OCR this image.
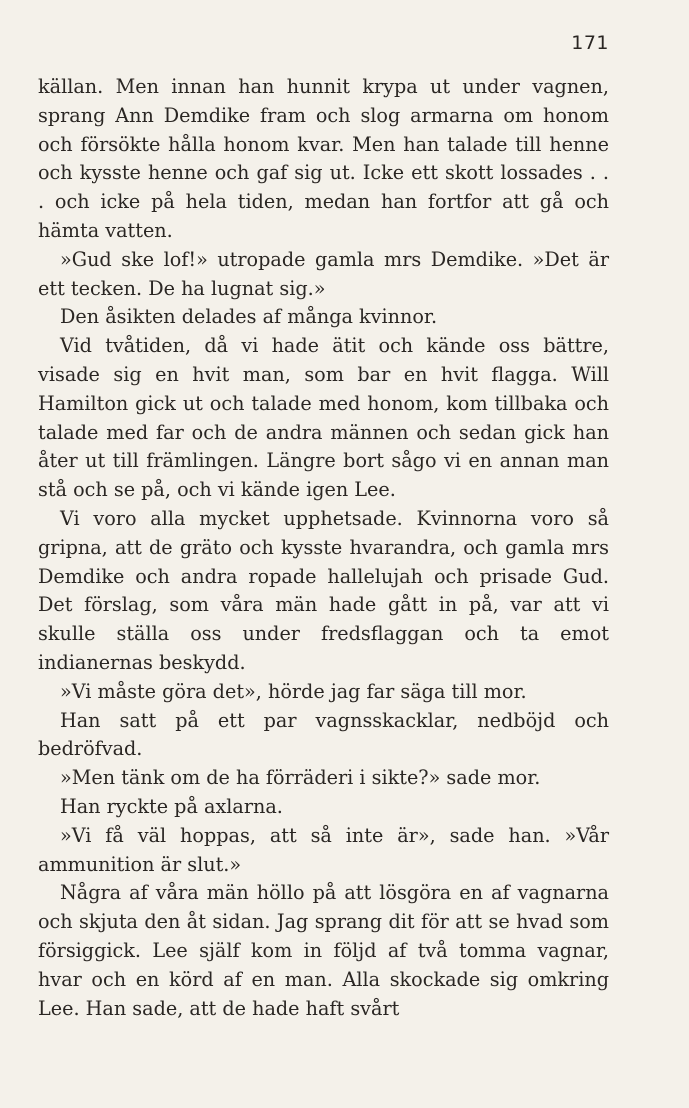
171

källan. Men innan han hunnit krypa ut under vagnen, sprang Ann Demdike fram och slog armarna om honom och försökte hålla honom kvar. Men han talade till henne och kysste henne och gaf sig ut. Icke ett skott lossades . . . och icke på hela tiden, medan han fortfor att gå och hämta vatten.

»Gud ske lof!» utropade gamla mrs Demdike. »Det är ett tecken. De ha lugnat sig.»

Den åsikten delades af många kvinnor.

Vid tvåtiden, då vi hade ätit och kände oss bättre, visade sig en hvit man, som bar en hvit flagga. Will Hamilton gick ut och talade med honom, kom tillbaka och talade med far och de andra männen och sedan gick han åter ut till främlingen. Längre bort sågo vi en annan man stå och se på, och vi kände igen Lee.

Vi voro alla mycket upphetsade. Kvinnorna voro så gripna, att de gräto och kysste hvarandra, och gamla mrs Demdike och andra ropade hallelujah och prisade Gud. Det förslag, som våra män hade gått in på, var att vi skulle ställa oss under fredsflaggan och ta emot indianernas beskydd.

»Vi måste göra det», hörde jag far säga till mor.

Han satt på ett par vagnsskacklar, nedböjd och bedröfvad.

»Men tänk om de ha förräderi i sikte?» sade mor.

Han ryckte på axlarna.

»Vi få väl hoppas, att så inte är», sade han. »Vår ammunition är slut.»

Några af våra män höllo på att lösgöra en af vagnarna och skjuta den åt sidan. Jag sprang dit för att se hvad som försiggick. Lee själf kom in följd af två tomma vagnar, hvar och en körd af en man. Alla skockade sig omkring Lee. Han sade, att de hade haft svårt
